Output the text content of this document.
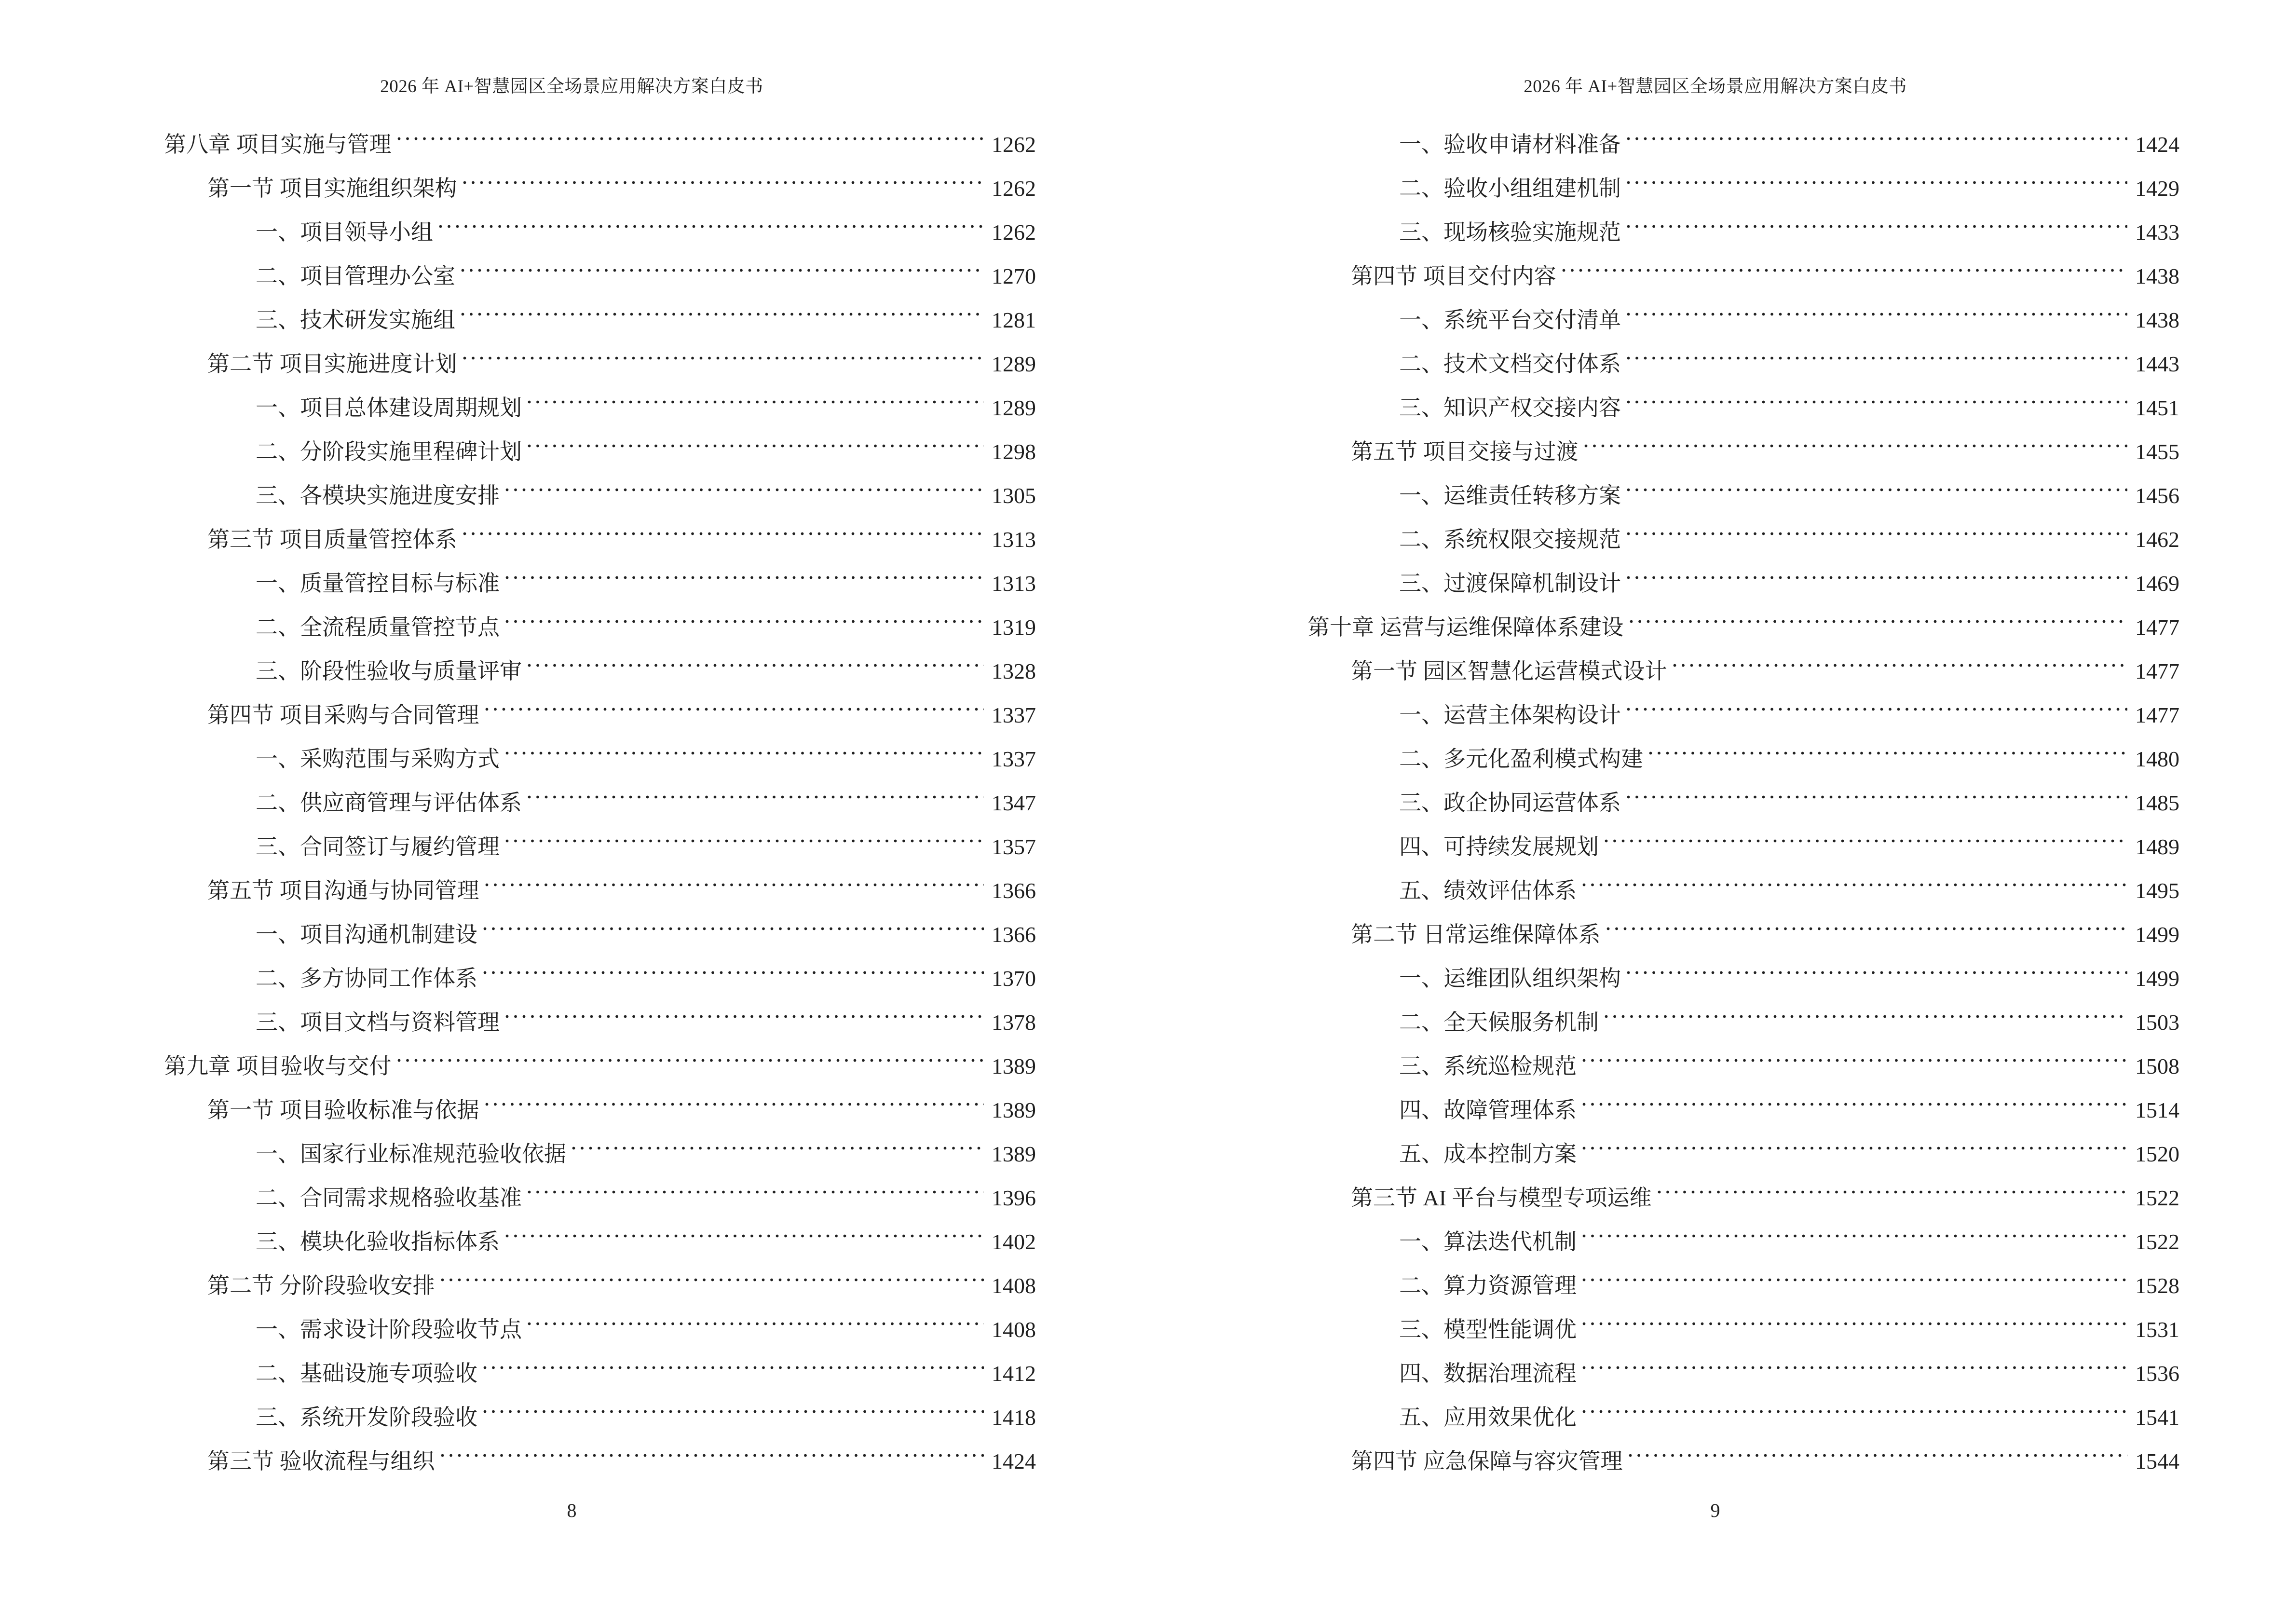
2026 年 AI+智慧园区全场景应用解决方案白皮书
第八章 项目实施与管理	1262
第一节 项目实施组织架构	1262
一、项目领导小组	1262
二、项目管理办公室	1270
三、技术研发实施组	1281
第二节 项目实施进度计划	1289
一、项目总体建设周期规划	1289
二、分阶段实施里程碑计划	1298
三、各模块实施进度安排	1305
第三节 项目质量管控体系	1313
一、质量管控目标与标准	1313
二、全流程质量管控节点	1319
三、阶段性验收与质量评审	1328
第四节 项目采购与合同管理	1337
一、采购范围与采购方式	1337
二、供应商管理与评估体系	1347
三、合同签订与履约管理	1357
第五节 项目沟通与协同管理	1366
一、项目沟通机制建设	1366
二、多方协同工作体系	1370
三、项目文档与资料管理	1378
第九章 项目验收与交付	1389
第一节 项目验收标准与依据	1389
一、国家行业标准规范验收依据	1389
二、合同需求规格验收基准	1396
三、模块化验收指标体系	1402
第二节 分阶段验收安排	1408
一、需求设计阶段验收节点	1408
二、基础设施专项验收	1412
三、系统开发阶段验收	1418
第三节 验收流程与组织	1424
8
2026 年 AI+智慧园区全场景应用解决方案白皮书
一、验收申请材料准备	1424
二、验收小组组建机制	1429
三、现场核验实施规范	1433
第四节 项目交付内容	1438
一、系统平台交付清单	1438
二、技术文档交付体系	1443
三、知识产权交接内容	1451
第五节 项目交接与过渡	1455
一、运维责任转移方案	1456
二、系统权限交接规范	1462
三、过渡保障机制设计	1469
第十章 运营与运维保障体系建设	1477
第一节 园区智慧化运营模式设计	1477
一、运营主体架构设计	1477
二、多元化盈利模式构建	1480
三、政企协同运营体系	1485
四、可持续发展规划	1489
五、绩效评估体系	1495
第二节 日常运维保障体系	1499
一、运维团队组织架构	1499
二、全天候服务机制	1503
三、系统巡检规范	1508
四、故障管理体系	1514
五、成本控制方案	1520
第三节 AI 平台与模型专项运维	1522
一、算法迭代机制	1522
二、算力资源管理	1528
三、模型性能调优	1531
四、数据治理流程	1536
五、应用效果优化	1541
第四节 应急保障与容灾管理	1544
9
